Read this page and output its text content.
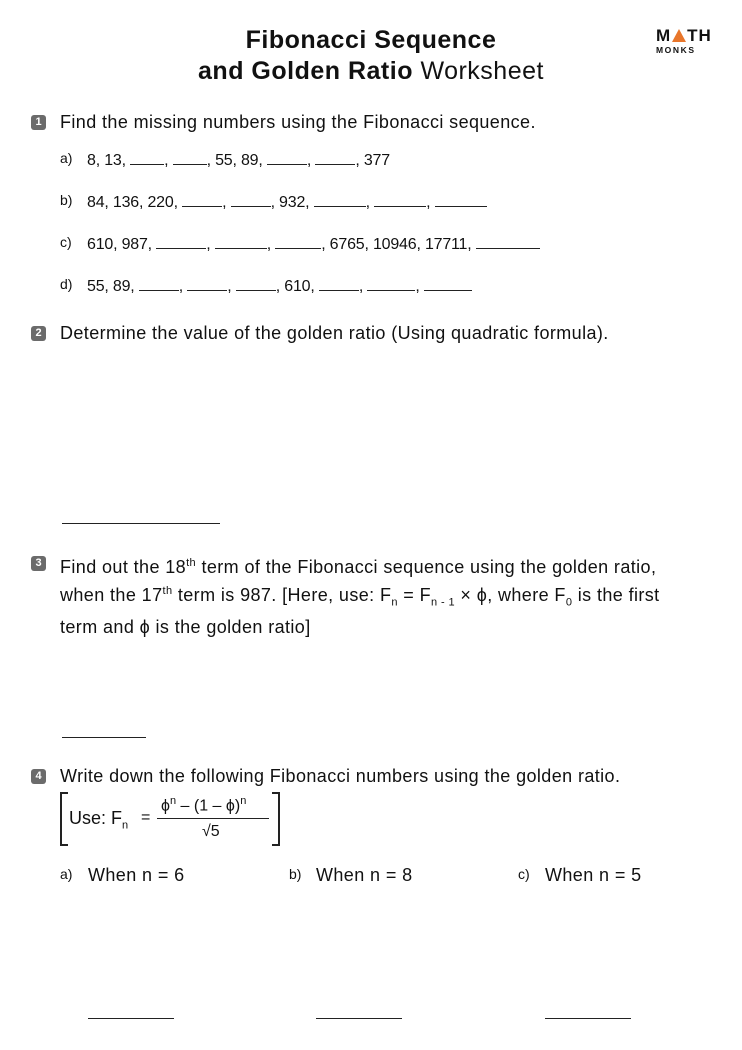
Fibonacci Sequence
and Golden Ratio Worksheet
M TH
MONKS
1 Find the missing numbers using the Fibonacci sequence.
a) 8, 13, , , 55, 89,	,	, 377
b) 84, 136, 220,	,	, 932,	,	,
c) 610, 987,	,	,	, 6765, 10946, 17711,
d) 55, 89,	,	,	, 610,	,	,
2 Determine the value of the golden ratio (Using quadratic formula).
3 Find out the 18th term of the Fibonacci sequence using the golden ratio,
when the 17th term is 987. [Here, use: $F_n = F_{n - 1} \times \phi$, where $F_0$ is the first
term and ϕ is the golden ratio]
4 Write down the following Fibonacci numbers using the golden ratio.
Use: $F_n$ =
$\phi^n - (1 - \phi)^n$
√5
a) When n = 6	b) When n = 8	c) When n = 5
